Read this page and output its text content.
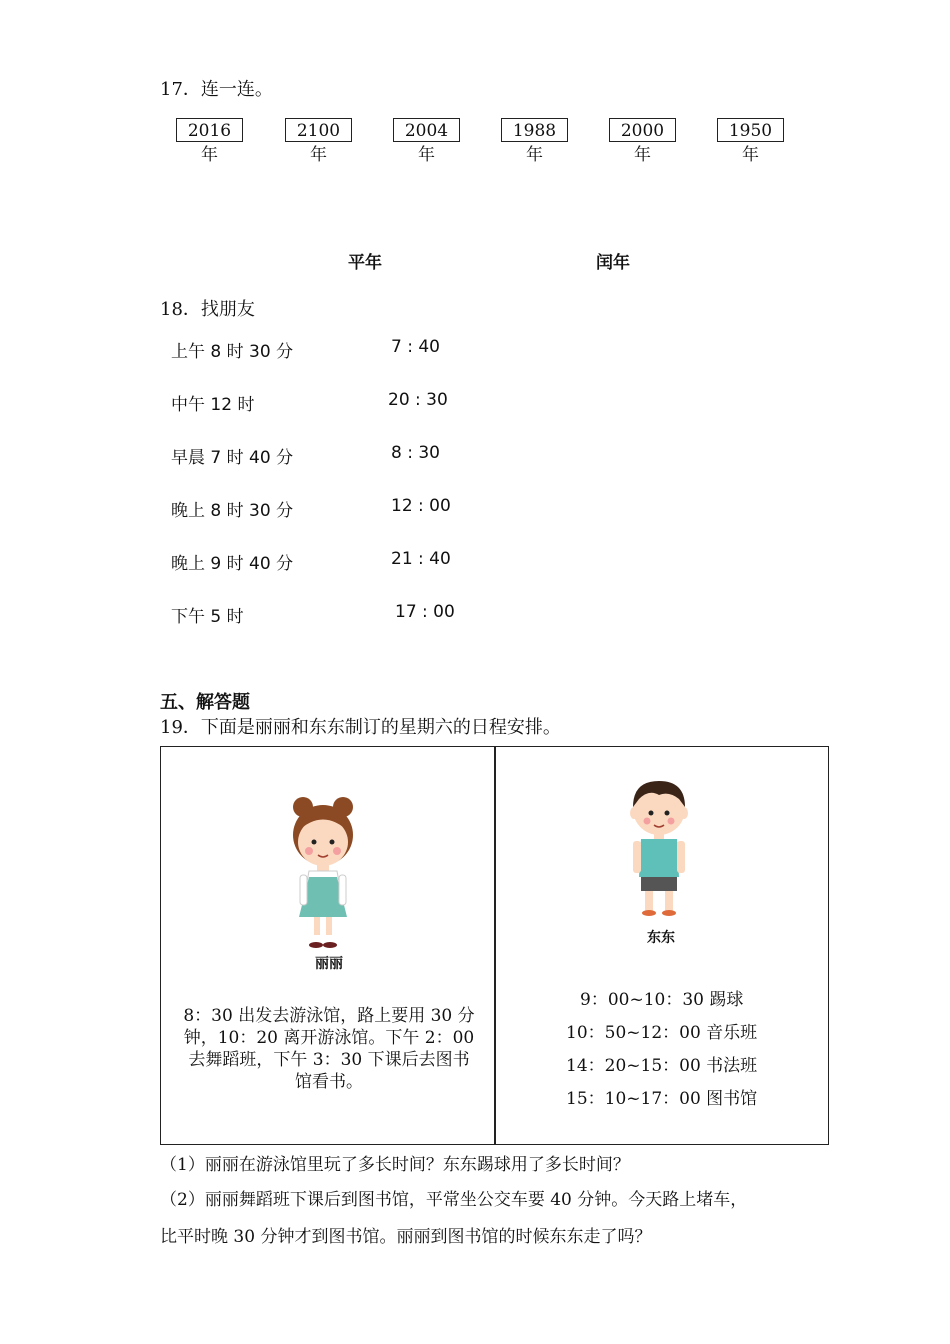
17．连一连。
2016 年
2100 年
2004 年
1988 年
2000 年
1950 年
平年	闰年
18．找朋友
上午 8 时 30 分
中午 12 时
早晨 7 时 40 分
晚上 8 时 30 分
晚上 9 时 40 分
下午 5 时
7 : 40
20 : 30
8 : 30
12 : 00
21 : 40
17 : 00
五、解答题
19．下面是丽丽和东东制订的星期六的日程安排。
丽丽
8：30 出发去游泳馆，路上要用 30 分
钟，10：20 离开游泳馆。下午 2：00
去舞蹈班，下午 3：30 下课后去图书
馆看书。
东东
9：00~10：30 踢球
10：50~12：00 音乐班
14：20~15：00 书法班
15：10~17：00 图书馆
（1）丽丽在游泳馆里玩了多长时间？东东踢球用了多长时间？
（2）丽丽舞蹈班下课后到图书馆，平常坐公交车要 40 分钟。今天路上堵车，
比平时晚 30 分钟才到图书馆。丽丽到图书馆的时候东东走了吗？
